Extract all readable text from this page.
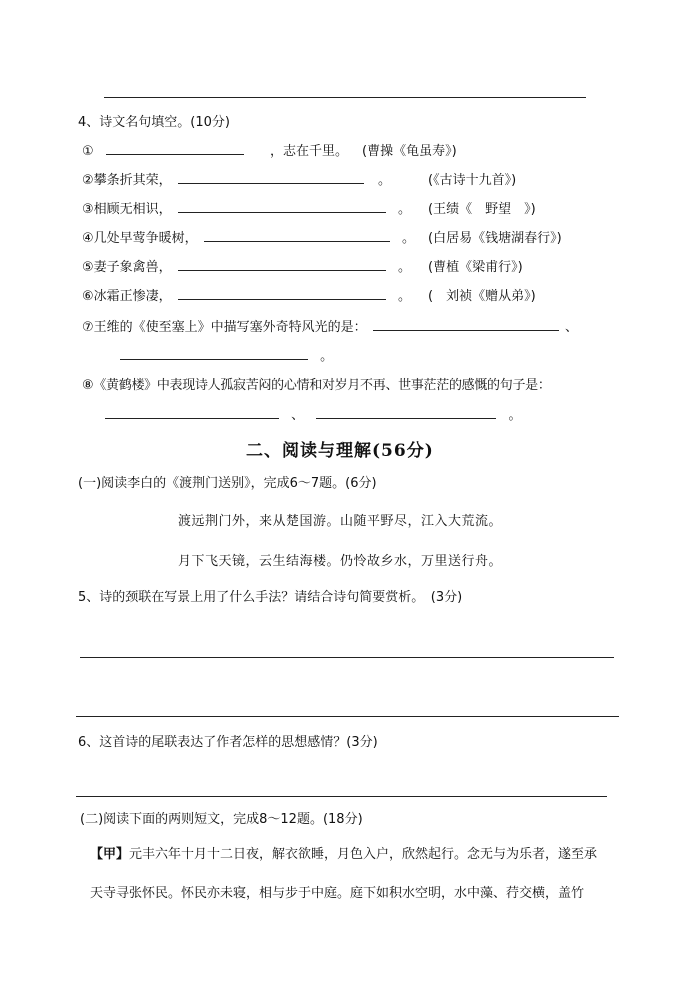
4、诗文名句填空。(10分)
①	，志在千里。 (曹操《龟虽寿》)
②攀条折其荣，	。	(《古诗十九首》)
③相顾无相识，	。 (王绩《　野望　》)
④几处早莺争暖树，	。 (白居易《钱塘湖春行》)
⑤妻子象禽兽，	。 (曹植《梁甫行》)
⑥冰霜正惨凄，	。 (　刘祯《赠从弟》)
⑦王维的《使至塞上》中描写塞外奇特风光的是：	、
。
⑧《黄鹤楼》中表现诗人孤寂苦闷的心情和对岁月不再、世事茫茫的感慨的句子是：
、	。
二、阅读与理解(56分)
(一)阅读李白的《渡荆门送别》，完成6～7题。(6分)
渡远荆门外，来从楚国游。山随平野尽，江入大荒流。
月下飞天镜，云生结海楼。仍怜故乡水，万里送行舟。
5、诗的颈联在写景上用了什么手法？请结合诗句简要赏析。　(3分)
6、这首诗的尾联表达了作者怎样的思想感情？(3分)
(二)阅读下面的两则短文，完成8～12题。(18分)
【甲】元丰六年十月十二日夜，解衣欲睡，月色入户，欣然起行。念无与为乐者，遂至承
天寺寻张怀民。怀民亦未寝，相与步于中庭。庭下如积水空明，水中藻、荇交横，盖竹
